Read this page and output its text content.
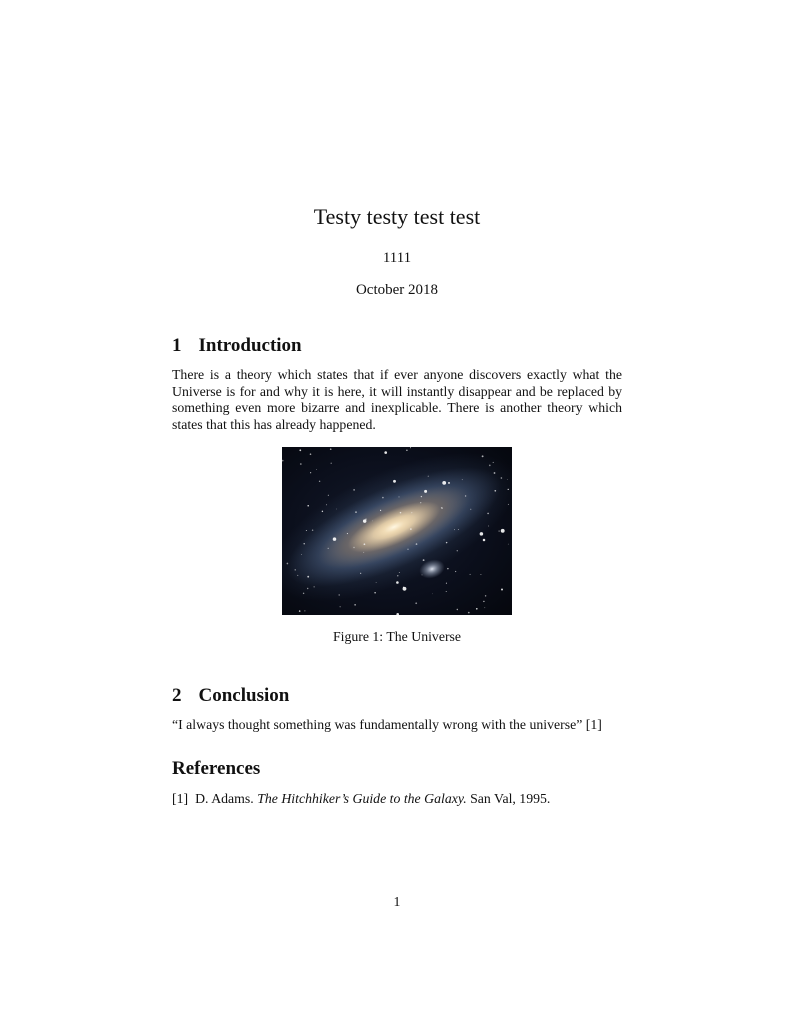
Testy testy test test
1111
October 2018
1 Introduction

There is a theory which states that if ever anyone discovers exactly what the Universe is for and why it is here, it will instantly disappear and be replaced by something even more bizarre and inexplicable. There is another theory which states that this has already happened.

Figure 1: The Universe
2 Conclusion

“I always thought something was fundamentally wrong with the universe” [1]

References
[1] D. Adams. The Hitchhiker’s Guide to the Galaxy. San Val, 1995.
1
